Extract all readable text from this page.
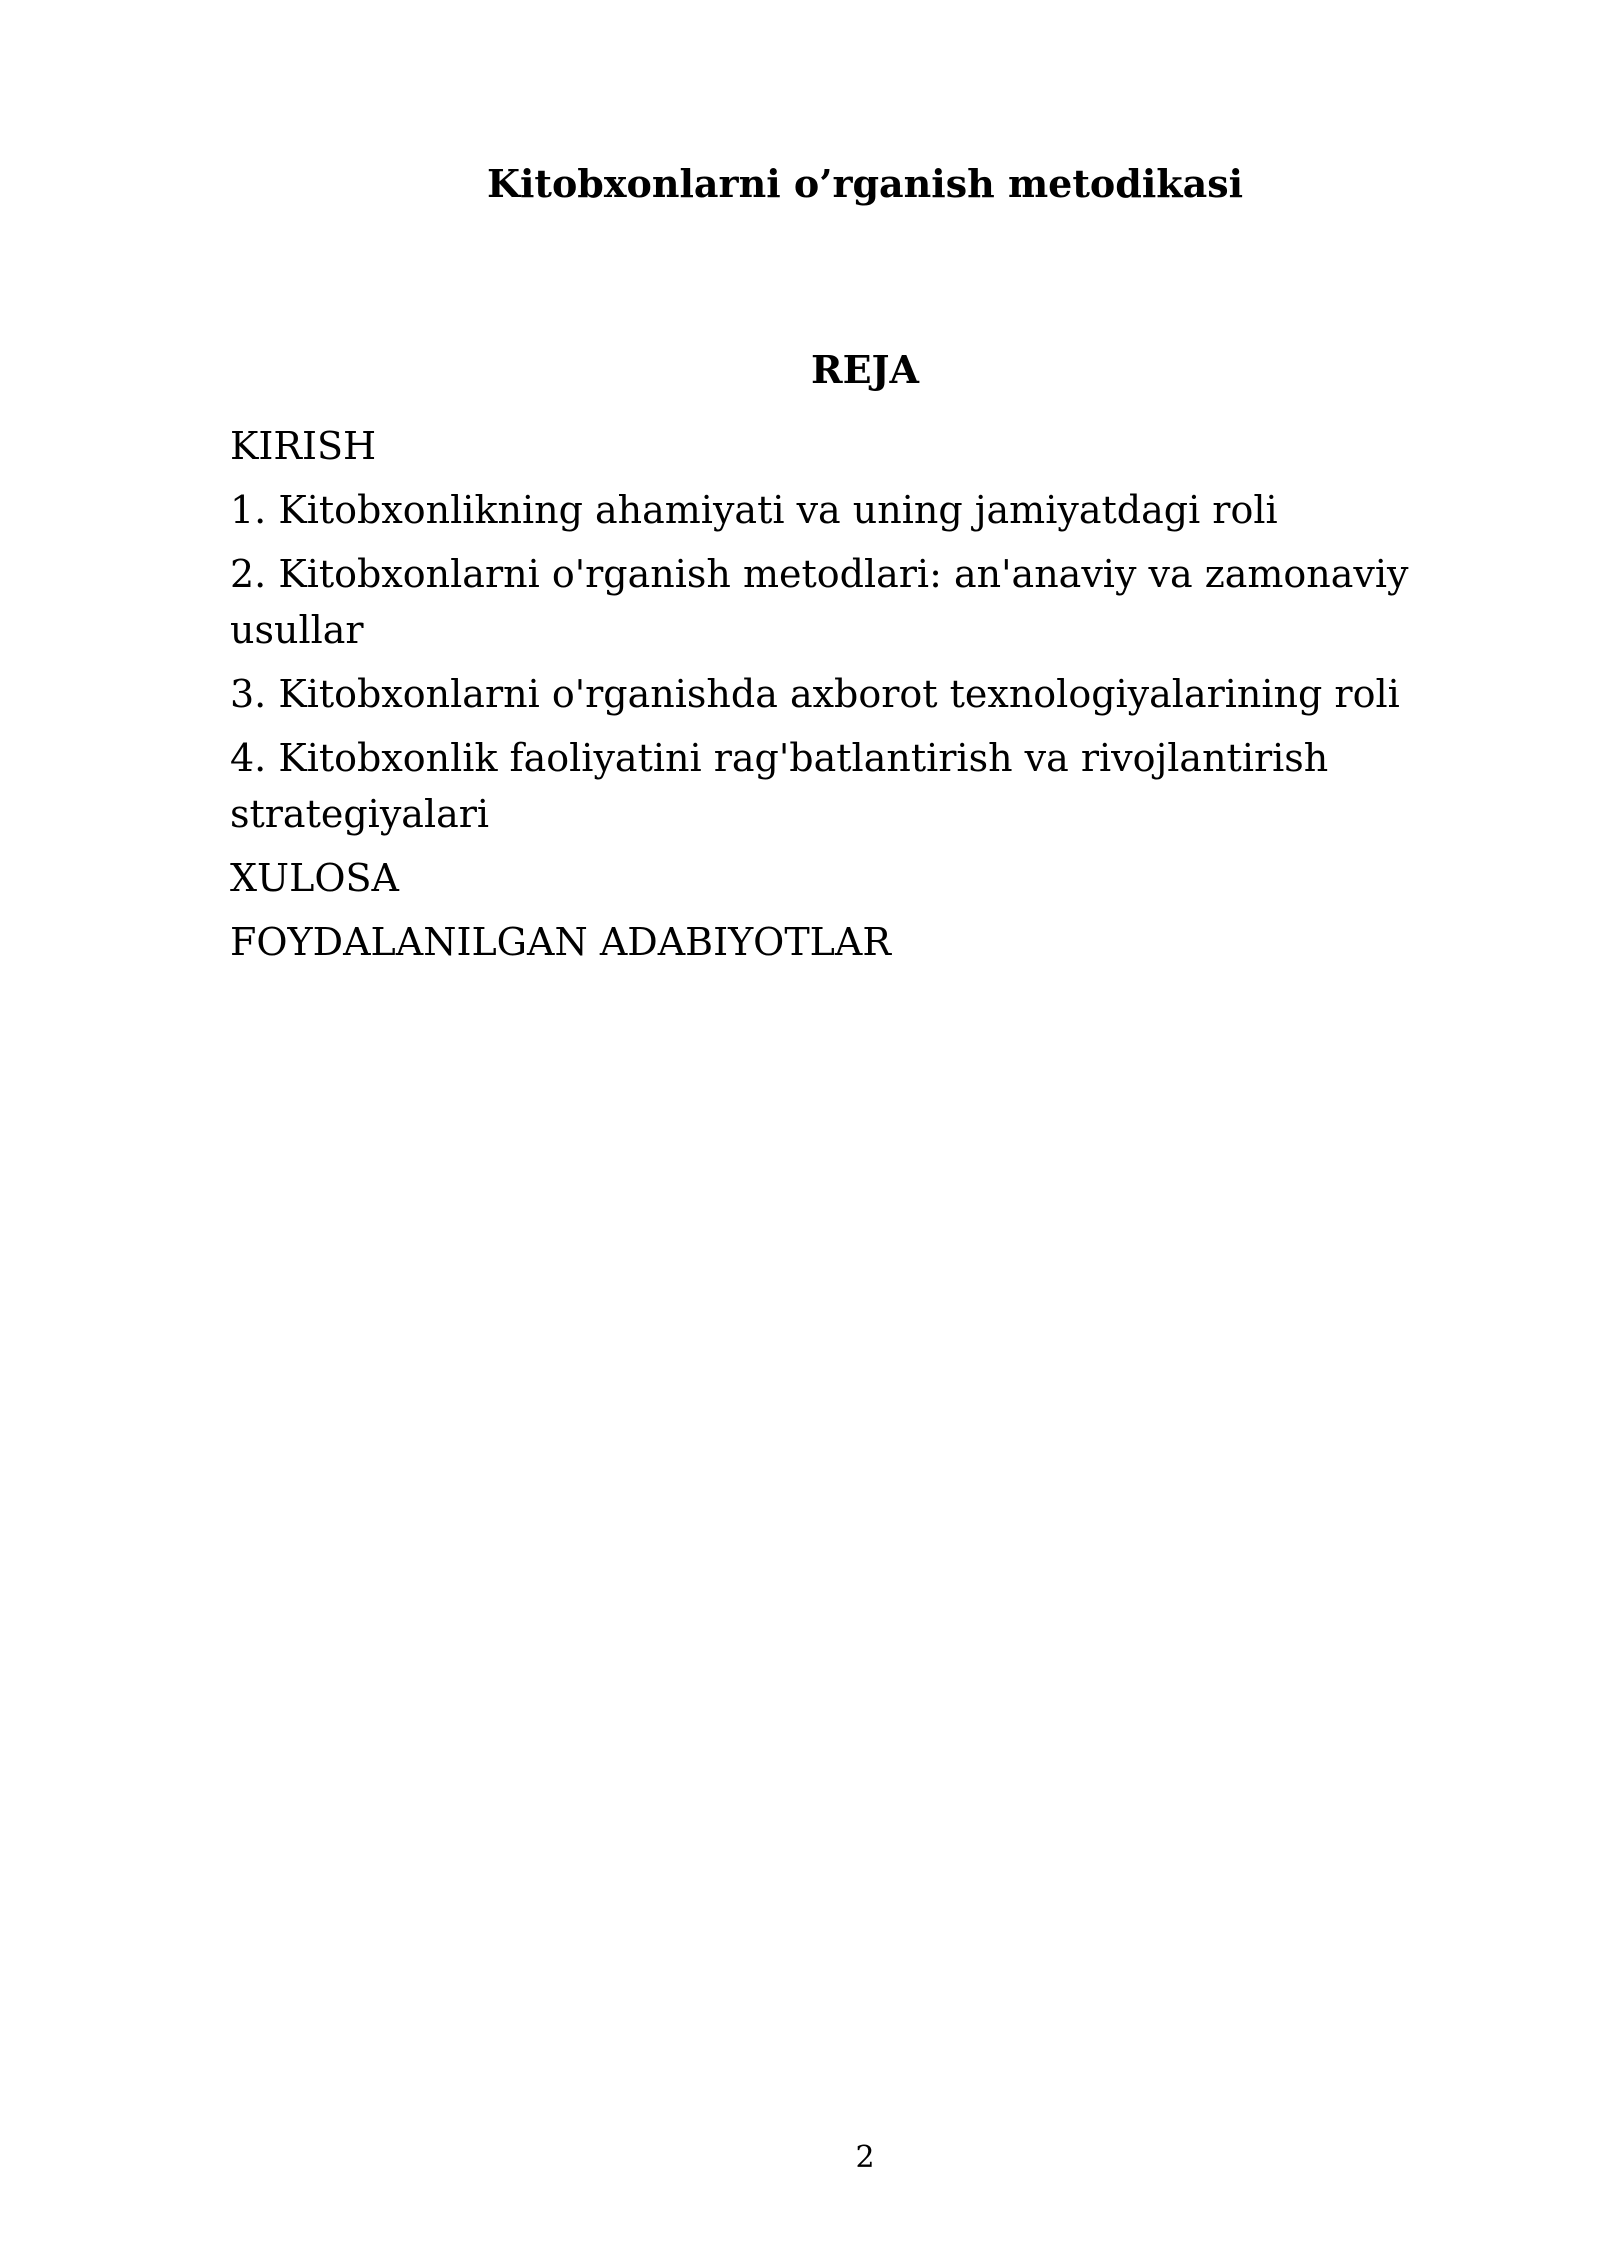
Kitobxonlarni o’rganish metodikasi
REJA
KIRISH
1. Kitobxonlikning ahamiyati va uning jamiyatdagi roli
2. Kitobxonlarni o'rganish metodlari: an'anaviy va zamonaviy usullar
3. Kitobxonlarni o'rganishda axborot texnologiyalarining roli
4. Kitobxonlik faoliyatini rag'batlantirish va rivojlantirish strategiyalari
XULOSA
FOYDALANILGAN ADABIYOTLAR
2
